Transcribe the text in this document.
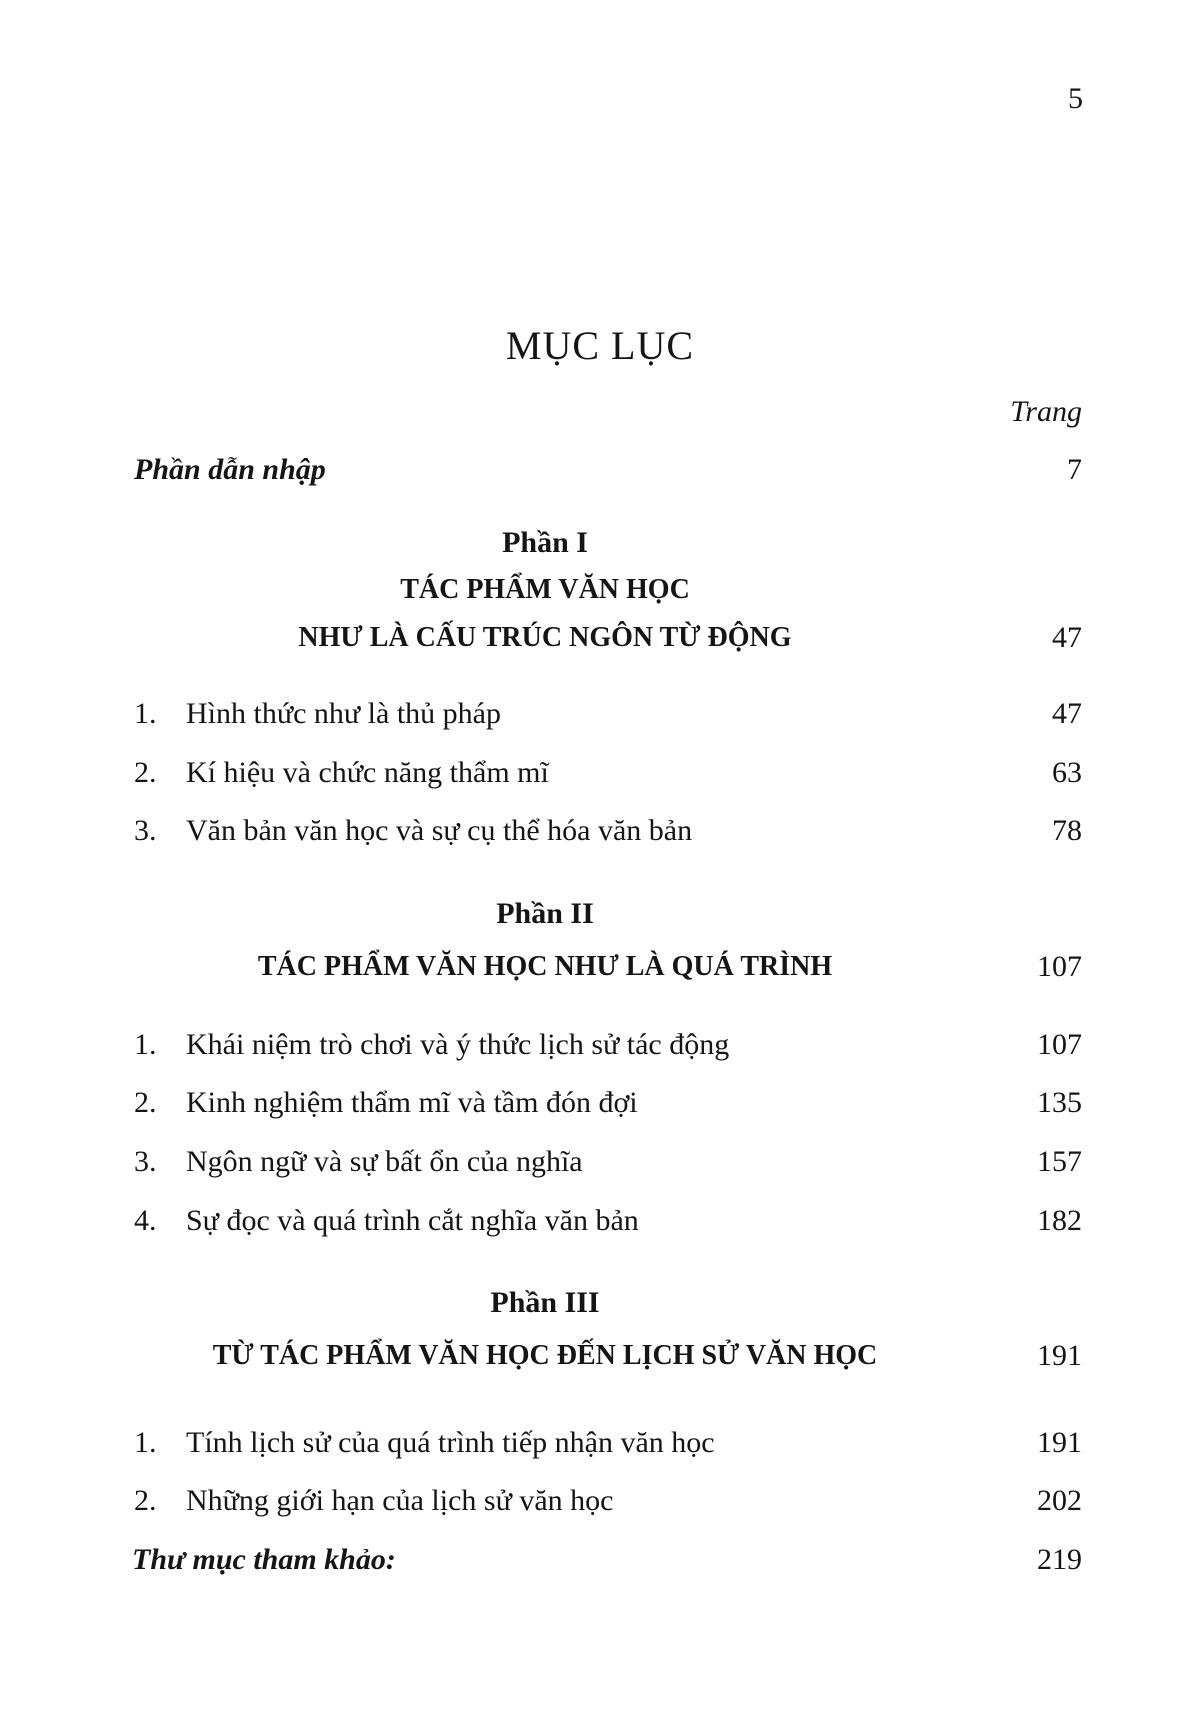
5
MỤC LỤC
Trang
Phần dẫn nhập	7
Phần I
TÁC PHẨM VĂN HỌC
NHƯ LÀ CẤU TRÚC NGÔN TỪ ĐỘNG	47
1. Hình thức như là thủ pháp	47
2. Kí hiệu và chức năng thẩm mĩ	63
3. Văn bản văn học và sự cụ thể hóa văn bản	78
Phần II
TÁC PHẨM VĂN HỌC NHƯ LÀ QUÁ TRÌNH	107
1. Khái niệm trò chơi và ý thức lịch sử tác động	107
2. Kinh nghiệm thẩm mĩ và tầm đón đợi	135
3. Ngôn ngữ và sự bất ổn của nghĩa	157
4. Sự đọc và quá trình cắt nghĩa văn bản	182
Phần III
TỪ TÁC PHẨM VĂN HỌC ĐẾN LỊCH SỬ VĂN HỌC	191
1. Tính lịch sử của quá trình tiếp nhận văn học	191
2. Những giới hạn của lịch sử văn học	202
Thư mục tham khảo:	219
